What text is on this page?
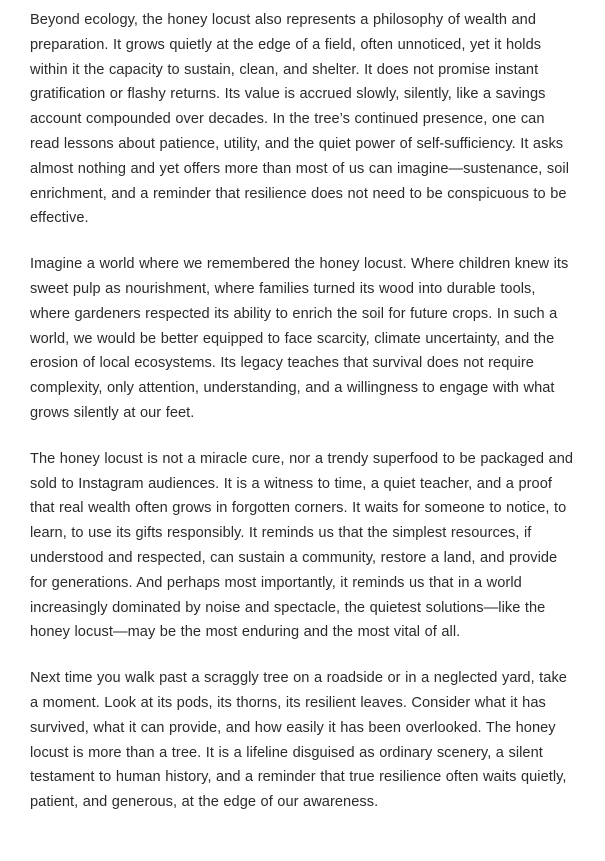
Beyond ecology, the honey locust also represents a philosophy of wealth and preparation. It grows quietly at the edge of a field, often unnoticed, yet it holds within it the capacity to sustain, clean, and shelter. It does not promise instant gratification or flashy returns. Its value is accrued slowly, silently, like a savings account compounded over decades. In the tree’s continued presence, one can read lessons about patience, utility, and the quiet power of self-sufficiency. It asks almost nothing and yet offers more than most of us can imagine—sustenance, soil enrichment, and a reminder that resilience does not need to be conspicuous to be effective.

Imagine a world where we remembered the honey locust. Where children knew its sweet pulp as nourishment, where families turned its wood into durable tools, where gardeners respected its ability to enrich the soil for future crops. In such a world, we would be better equipped to face scarcity, climate uncertainty, and the erosion of local ecosystems. Its legacy teaches that survival does not require complexity, only attention, understanding, and a willingness to engage with what grows silently at our feet.

The honey locust is not a miracle cure, nor a trendy superfood to be packaged and sold to Instagram audiences. It is a witness to time, a quiet teacher, and a proof that real wealth often grows in forgotten corners. It waits for someone to notice, to learn, to use its gifts responsibly. It reminds us that the simplest resources, if understood and respected, can sustain a community, restore a land, and provide for generations. And perhaps most importantly, it reminds us that in a world increasingly dominated by noise and spectacle, the quietest solutions—like the honey locust—may be the most enduring and the most vital of all.

Next time you walk past a scraggly tree on a roadside or in a neglected yard, take a moment. Look at its pods, its thorns, its resilient leaves. Consider what it has survived, what it can provide, and how easily it has been overlooked. The honey locust is more than a tree. It is a lifeline disguised as ordinary scenery, a silent testament to human history, and a reminder that true resilience often waits quietly, patient, and generous, at the edge of our awareness.
